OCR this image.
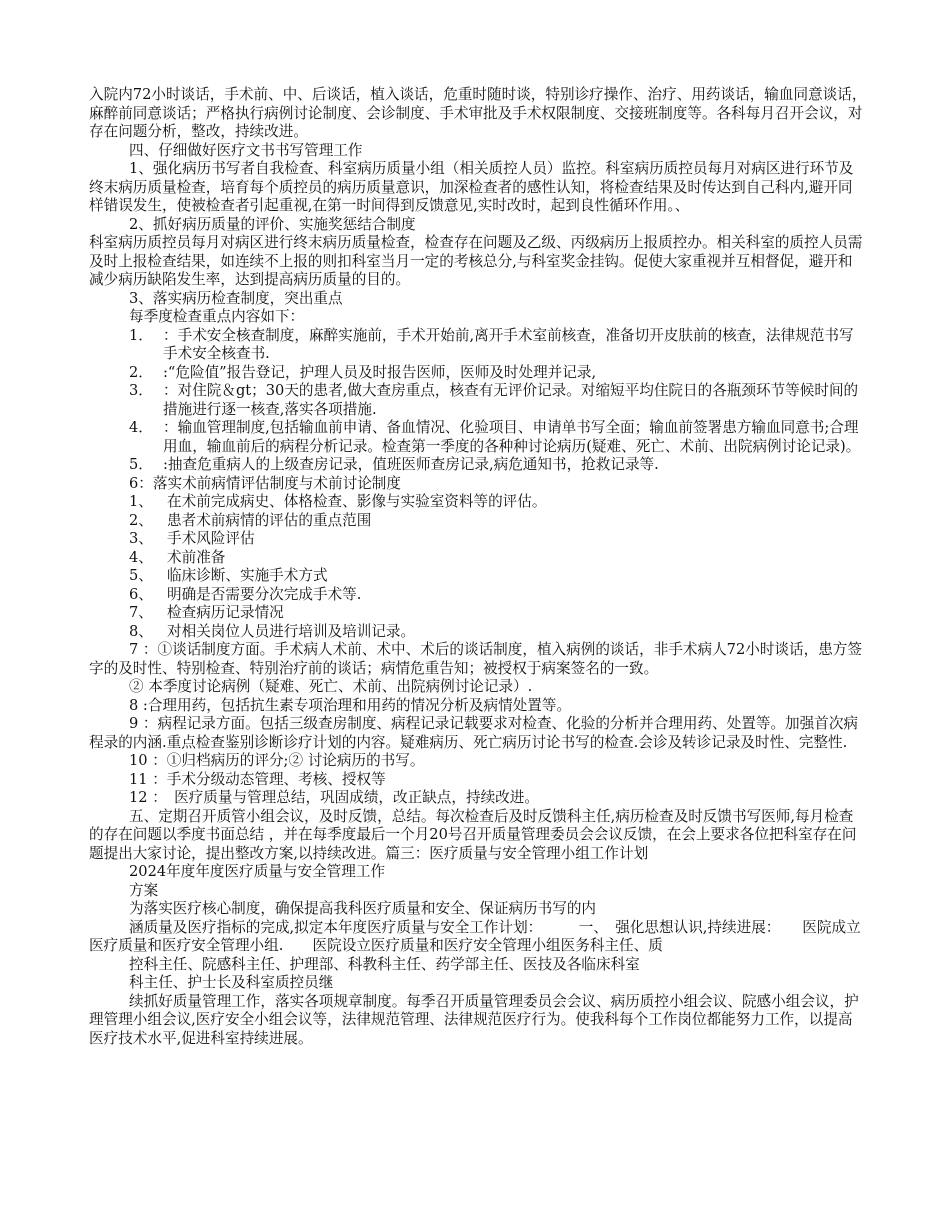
入院内72小时谈话，手术前、中、后谈话，植入谈话，危重时随时谈，特别诊疗操作、治疗、用药谈话，输血同意谈话，麻醉前同意谈话；严格执行病例讨论制度、会诊制度、手术审批及手术权限制度、交接班制度等。各科每月召开会议，对存在问题分析，整改，持续改进。

四、仔细做好医疗文书书写管理工作

1、强化病历书写者自我检查、科室病历质量小组（相关质控人员）监控。科室病历质控员每月对病区进行环节及终末病历质量检查，培育每个质控员的病历质量意识，加深检查者的感性认知，将检查结果及时传达到自己科内,避开同样错误发生，使被检查者引起重视,在第一时间得到反馈意见,实时改时，起到良性循环作用。、

2、抓好病历质量的评价、实施奖惩结合制度

科室病历质控员每月对病区进行终末病历质量检查，检查存在问题及乙级、丙级病历上报质控办。相关科室的质控人员需及时上报检查结果，如连续不上报的则扣科室当月一定的考核总分,与科室奖金挂钩。促使大家重视并互相督促，避开和减少病历缺陷发生率，达到提高病历质量的目的。

3、落实病历检查制度，突出重点

每季度检查重点内容如下：

1． ：手术安全核查制度，麻醉实施前，手术开始前,离开手术室前核查，准备切开皮肤前的核查，法律规范书写手术安全核查书.
2． :“危险值”报告登记，护理人员及时报告医师，医师及时处理并记录,
3． ：对住院＆gt；30天的患者,做大查房重点，核查有无评价记录。对缩短平均住院日的各瓶颈环节等候时间的措施进行逐一核查,落实各项措施.
4． ：输血管理制度,包括输血前申请、备血情况、化验项目、申请单书写全面；输血前签署患方输血同意书;合理用血，输血前后的病程分析记录。检查第一季度的各种种讨论病历(疑难、死亡、术前、出院病例讨论记录)。
5． :抽查危重病人的上级查房记录，值班医师查房记录,病危通知书，抢救记录等.

6：落实术前病情评估制度与术前讨论制度

1、 在术前完成病史、体格检查、影像与实验室资料等的评估。
2、 患者术前病情的评估的重点范围
3、 手术风险评估
4、 术前准备
5、 临床诊断、实施手术方式
6、 明确是否需要分次完成手术等.
7、 检查病历记录情况
8、 对相关岗位人员进行培训及培训记录。

7 ：①谈话制度方面。手术病人术前、术中、术后的谈话制度，植入病例的谈话，非手术病人72小时谈话，患方签字的及时性、特别检查、特别治疗前的谈话；病情危重告知；被授权于病案签名的一致。

② 本季度讨论病例（疑难、死亡、术前、出院病例讨论记录）.

8 :合理用药，包括抗生素专项治理和用药的情况分析及病情处置等。

9 ：病程记录方面。包括三级查房制度、病程记录记载要求对检查、化验的分析并合理用药、处置等。加强首次病程录的内涵.重点检查鉴别诊断诊疗计划的内容。疑难病历、死亡病历讨论书写的检查.会诊及转诊记录及时性、完整性.

10 ：①归档病历的评分;② 讨论病历的书写。

11 ：手术分级动态管理、考核、授权等

12 ：　医疗质量与管理总结，巩固成绩，改正缺点，持续改进。

五、定期召开质管小组会议，及时反馈，总结。每次检查后及时反馈科主任,病历检查及时反馈书写医师,每月检查的存在问题以季度书面总结 ，并在每季度最后一个月20号召开质量管理委员会会议反馈，在会上要求各位把科室存在问题提出大家讨论，提出整改方案,以持续改进。篇三：医疗质量与安全管理小组工作计划

2024年度年度医疗质量与安全管理工作

方案

为落实医疗核心制度，确保提高我科医疗质量和安全、保证病历书写的内

涵质量及医疗指标的完成,拟定本年度医疗质量与安全工作计划：　　　一、　强化思想认识,持续进展：　　医院成立医疗质量和医疗安全管理小组.　　医院设立医疗质量和医疗安全管理小组医务科主任、质

控科主任、院感科主任、护理部、科教科主任、药学部主任、医技及各临床科室

科主任、护士长及科室质控员继

续抓好质量管理工作，落实各项规章制度。每季召开质量管理委员会会议、病历质控小组会议、院感小组会议，护理管理小组会议,医疗安全小组会议等，法律规范管理、法律规范医疗行为。使我科每个工作岗位都能努力工作，以提高医疗技术水平,促进科室持续进展。
